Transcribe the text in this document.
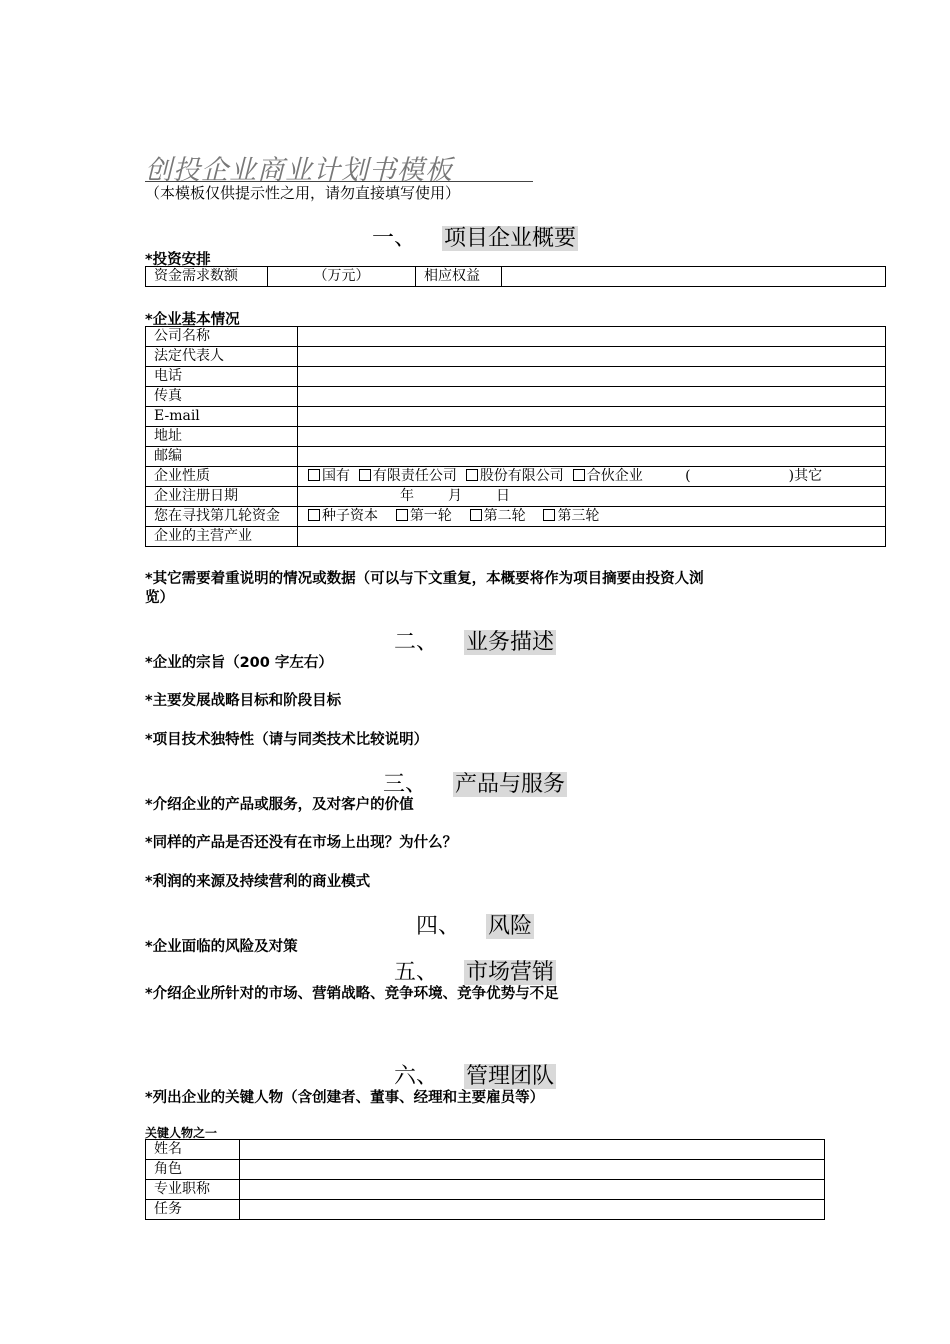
创投企业商业计划书模板
（本模板仅供提示性之用，请勿直接填写使用）
一、 项目企业概要
*投资安排
资金需求数额	（万元）	相应权益	
*企业基本情况
公司名称	
法定代表人	
电话	
传真	
E-mail	
地址	
邮编	
企业性质	国有 有限责任公司 股份有限公司 合伙企业 ( )其它
企业注册日期	年 月 日
您在寻找第几轮资金	种子资本 第一轮 第二轮 第三轮
企业的主营产业	
*其它需要着重说明的情况或数据（可以与下文重复，本概要将作为项目摘要由投资人浏
览）
二、 业务描述
*企业的宗旨（200 字左右）
*主要发展战略目标和阶段目标
*项目技术独特性（请与同类技术比较说明）
三、 产品与服务
*介绍企业的产品或服务，及对客户的价值
*同样的产品是否还没有在市场上出现？为什么？
*利润的来源及持续营利的商业模式
四、 风险
*企业面临的风险及对策
五、 市场营销
*介绍企业所针对的市场、营销战略、竞争环境、竞争优势与不足
六、 管理团队
*列出企业的关键人物（含创建者、董事、经理和主要雇员等）
关键人物之一
姓名	
角色	
专业职称	
任务	
